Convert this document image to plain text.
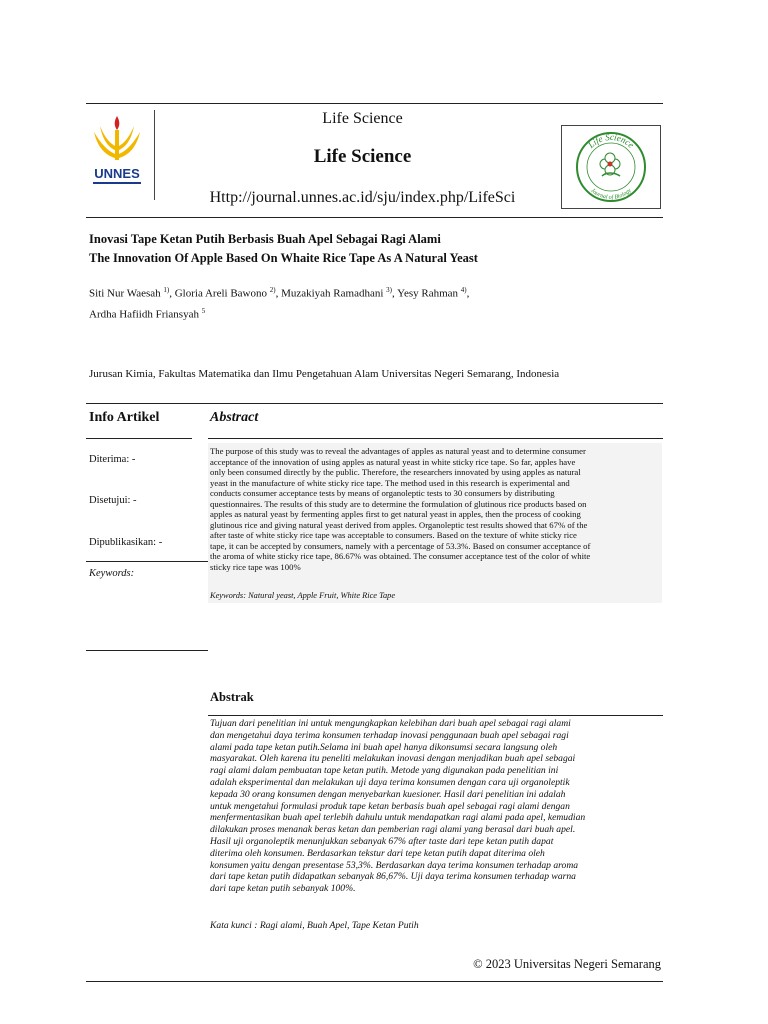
UNNES
Life Science
Life Science
Http://journal.unnes.ac.id/sju/index.php/LifeSci
Life Science
Journal of Biology
Inovasi Tape Ketan Putih Berbasis Buah Apel Sebagai Ragi Alami
The Innovation Of Apple Based On Whaite Rice Tape As A Natural Yeast
Siti Nur Waesah $^{1)}$, Gloria Areli Bawono $^{2)}$, Muzakiyah Ramadhani $^{3)}$, Yesy Rahman $^{4)}$,
Ardha Hafiidh Friansyah $^5$
Jurusan Kimia, Fakultas Matematika dan Ilmu Pengetahuan Alam Universitas Negeri Semarang, Indonesia
Info Artikel	Abstract
Diterima: -
Disetujui: -
Dipublikasikan: -
Keywords:
The purpose of this study was to reveal the advantages of apples as natural yeast and to determine consumer
acceptance of the innovation of using apples as natural yeast in white sticky rice tape. So far, apples have
only been consumed directly by the public. Therefore, the researchers innovated by using apples as natural
yeast in the manufacture of white sticky rice tape. The method used in this research is experimental and
conducts consumer acceptance tests by means of organoleptic tests to 30 consumers by distributing
questionnaires. The results of this study are to determine the formulation of glutinous rice products based on
apples as natural yeast by fermenting apples first to get natural yeast in apples, then the process of cooking
glutinous rice and giving natural yeast derived from apples. Organoleptic test results showed that 67% of the
after taste of white sticky rice tape was acceptable to consumers. Based on the texture of white sticky rice
tape, it can be accepted by consumers, namely with a percentage of 53.3%. Based on consumer acceptance of
the aroma of white sticky rice tape, 86.67% was obtained. The consumer acceptance test of the color of white
sticky rice tape was 100%
Keywords: Natural yeast, Apple Fruit, White Rice Tape
Abstrak
Tujuan dari penelitian ini untuk mengungkapkan kelebihan dari buah apel sebagai ragi alami
dan mengetahui daya terima konsumen terhadap inovasi penggunaan buah apel sebagai ragi
alami pada tape ketan putih.Selama ini buah apel hanya dikonsumsi secara langsung oleh
masyarakat. Oleh karena itu peneliti melakukan inovasi dengan menjadikan buah apel sebagai
ragi alami dalam pembuatan tape ketan putih. Metode yang digunakan pada penelitian ini
adalah eksperimental dan melakukan uji daya terima konsumen dengan cara uji organoleptik
kepada 30 orang konsumen dengan menyebarkan kuesioner. Hasil dari penelitian ini adalah
untuk mengetahui formulasi produk tape ketan berbasis buah apel sebagai ragi alami dengan
menfermentasikan buah apel terlebih dahulu untuk mendapatkan ragi alami pada apel, kemudian
dilakukan proses menanak beras ketan dan pemberian ragi alami yang berasal dari buah apel.
Hasil uji organoleptik menunjukkan sebanyak 67% after taste dari tepe ketan putih dapat
diterima oleh konsumen. Berdasarkan tekstur dari tepe ketan putih dapat diterima oleh
konsumen yaitu dengan presentase 53,3%. Berdasarkan daya terima konsumen terhadap aroma
dari tape ketan putih didapatkan sebanyak 86,67%. Uji daya terima konsumen terhadap warna
dari tape ketan putih sebanyak 100%.
Kata kunci : Ragi alami, Buah Apel, Tape Ketan Putih
© 2023 Universitas Negeri Semarang
